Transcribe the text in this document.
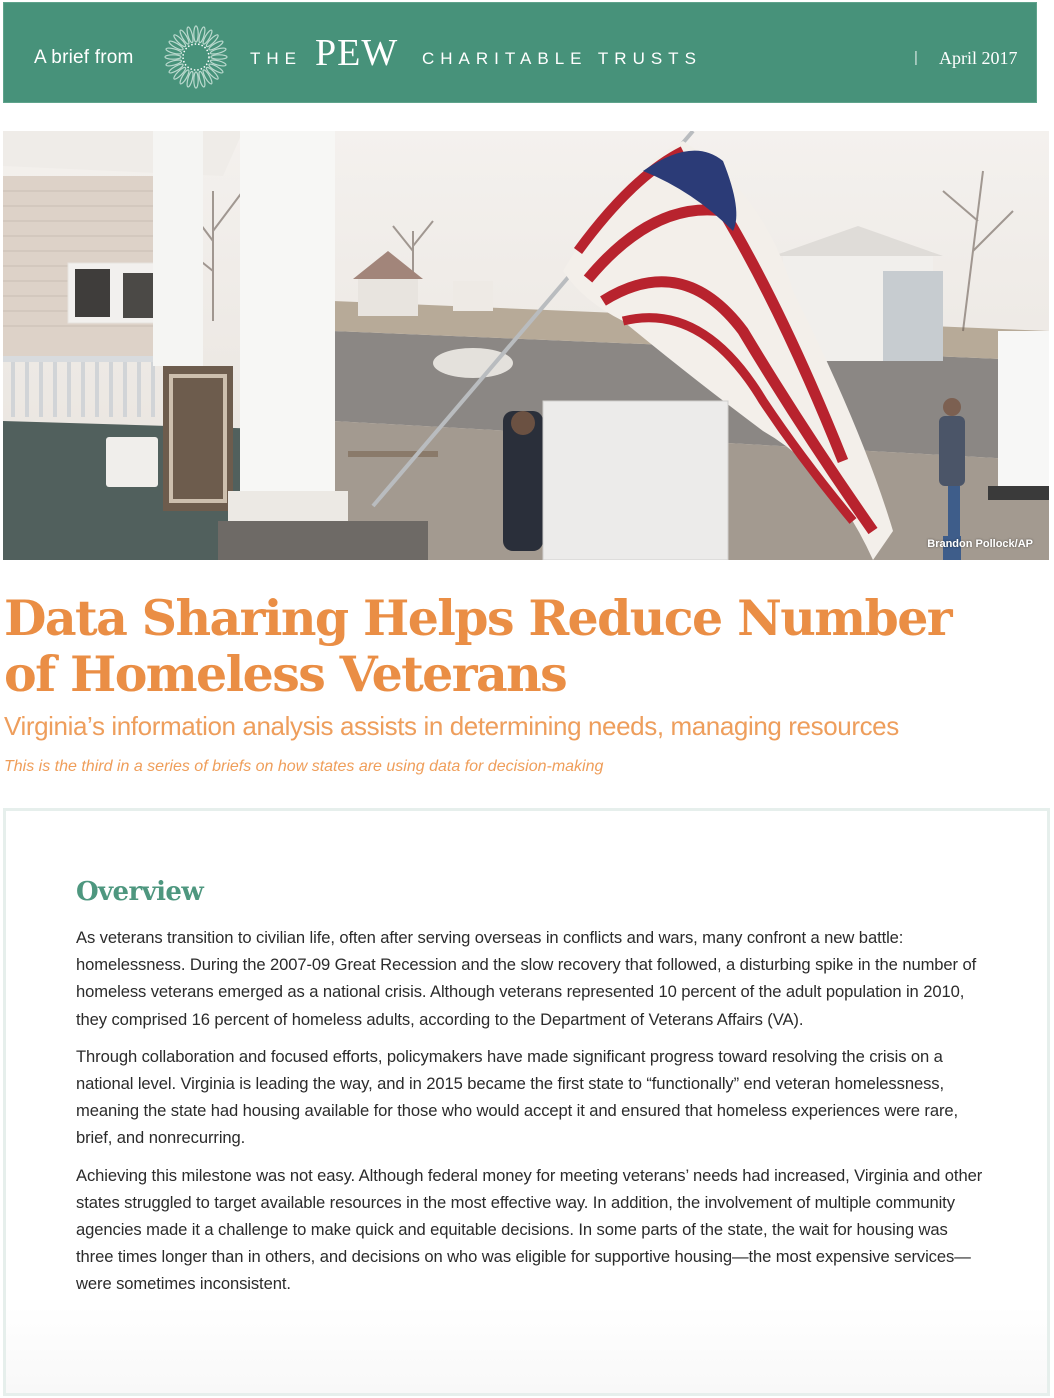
A brief from	THE PEW CHARITABLE TRUSTS	| April 2017
Brandon Pollock/AP
Data Sharing Helps Reduce Number
of Homeless Veterans
Virginia’s information analysis assists in determining needs, managing resources

This is the third in a series of briefs on how states are using data for decision-making

Overview

As veterans transition to civilian life, often after serving overseas in conflicts and wars, many confront a new battle: homelessness. During the 2007-09 Great Recession and the slow recovery that followed, a disturbing spike in the number of homeless veterans emerged as a national crisis. Although veterans represented 10 percent of the adult population in 2010, they comprised 16 percent of homeless adults, according to the Department of Veterans Affairs (VA).

Through collaboration and focused efforts, policymakers have made significant progress toward resolving the crisis on a national level. Virginia is leading the way, and in 2015 became the first state to “functionally” end veteran homelessness, meaning the state had housing available for those who would accept it and ensured that homeless experiences were rare, brief, and nonrecurring.

Achieving this milestone was not easy. Although federal money for meeting veterans’ needs had increased, Virginia and other states struggled to target available resources in the most effective way. In addition, the involvement of multiple community agencies made it a challenge to make quick and equitable decisions. In some parts of the state, the wait for housing was three times longer than in others, and decisions on who was eligible for supportive housing—the most expensive services—were sometimes inconsistent.
